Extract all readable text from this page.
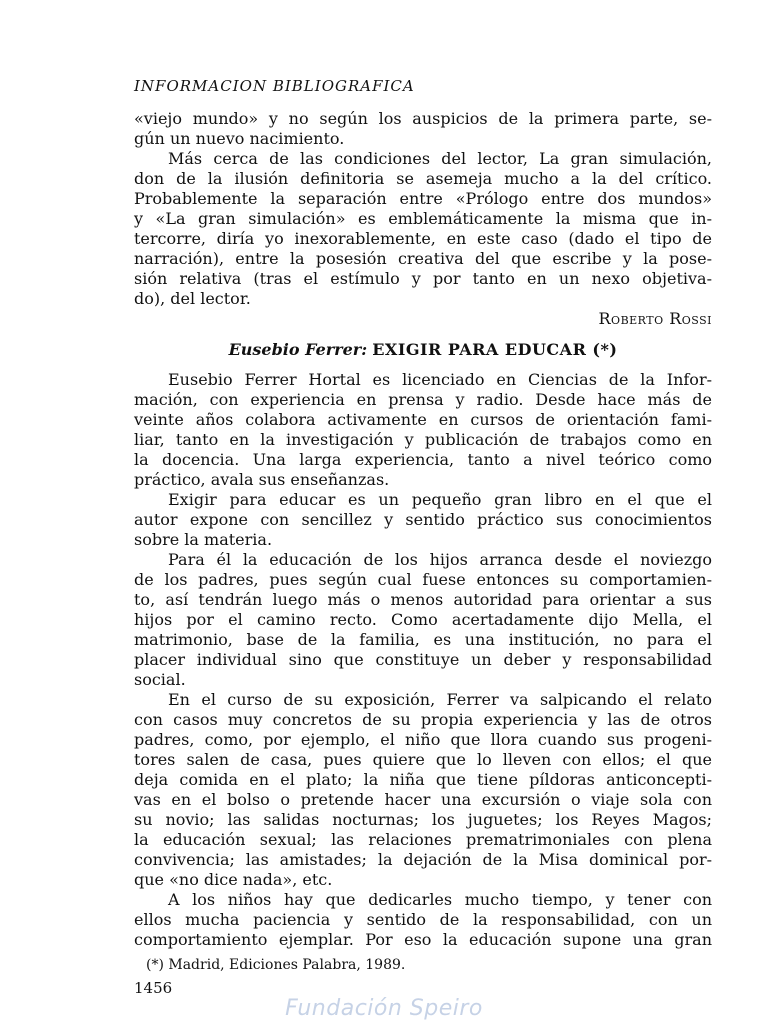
INFORMACION BIBLIOGRAFICA

«viejo mundo» y no según los auspicios de la primera parte, se-

gún un nuevo nacimiento.

Más cerca de las condiciones del lector, La gran simulación,

don de la ilusión definitoria se asemeja mucho a la del crítico.

Probablemente la separación entre «Prólogo entre dos mundos»

y «La gran simulación» es emblemáticamente la misma que in-

tercorre, diría yo inexorablemente, en este caso (dado el tipo de

narración), entre la posesión creativa del que escribe y la pose-

sión relativa (tras el estímulo y por tanto en un nexo objetiva-

do), del lector.

Roberto Rossi

Eusebio Ferrer: EXIGIR PARA EDUCAR (*)

Eusebio Ferrer Hortal es licenciado en Ciencias de la Infor-

mación, con experiencia en prensa y radio. Desde hace más de

veinte años colabora activamente en cursos de orientación fami-

liar, tanto en la investigación y publicación de trabajos como en

la docencia. Una larga experiencia, tanto a nivel teórico como

práctico, avala sus enseñanzas.

Exigir para educar es un pequeño gran libro en el que el

autor expone con sencillez y sentido práctico sus conocimientos

sobre la materia.

Para él la educación de los hijos arranca desde el noviezgo

de los padres, pues según cual fuese entonces su comportamien-

to, así tendrán luego más o menos autoridad para orientar a sus

hijos por el camino recto. Como acertadamente dijo Mella, el

matrimonio, base de la familia, es una institución, no para el

placer individual sino que constituye un deber y responsabilidad

social.

En el curso de su exposición, Ferrer va salpicando el relato

con casos muy concretos de su propia experiencia y las de otros

padres, como, por ejemplo, el niño que llora cuando sus progeni-

tores salen de casa, pues quiere que lo lleven con ellos; el que

deja comida en el plato; la niña que tiene píldoras anticoncepti-

vas en el bolso o pretende hacer una excursión o viaje sola con

su novio; las salidas nocturnas; los juguetes; los Reyes Magos;

la educación sexual; las relaciones prematrimoniales con plena

convivencia; las amistades; la dejación de la Misa dominical por-

que «no dice nada», etc.

A los niños hay que dedicarles mucho tiempo, y tener con

ellos mucha paciencia y sentido de la responsabilidad, con un

comportamiento ejemplar. Por eso la educación supone una gran

(*) Madrid, Ediciones Palabra, 1989.

1456

Fundación Speiro
